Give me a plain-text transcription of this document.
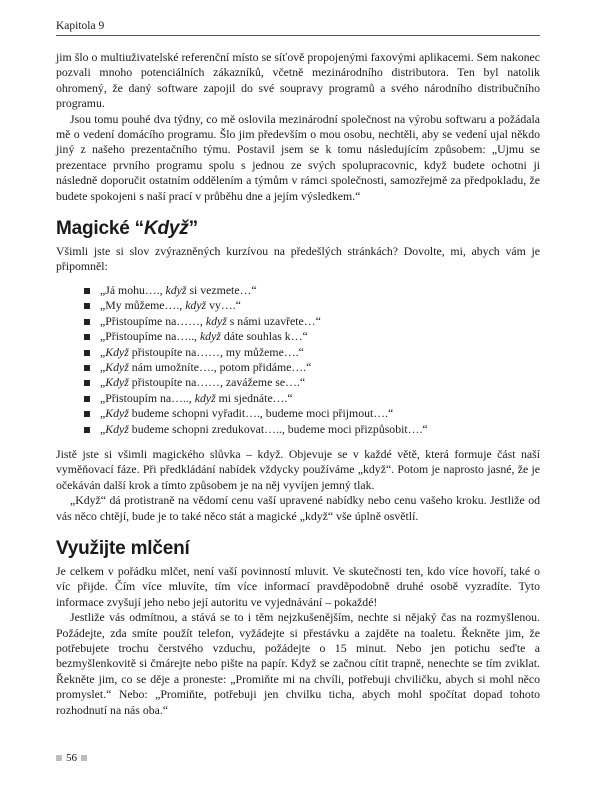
Kapitola 9

jim šlo o multiuživatelské referenční místo se síťově propojenými faxovými aplikacemi. Sem nakonec pozvali mnoho potenciálních zákazníků, včetně mezinárodního distributora. Ten byl natolik ohromený, že daný software zapojil do své soupravy programů a svého národního distribučního programu.

Jsou tomu pouhé dva týdny, co mě oslovila mezinárodní společnost na výrobu softwaru a požádala mě o vedení domácího programu. Šlo jim především o mou osobu, nechtěli, aby se vedení ujal někdo jiný z našeho prezentačního týmu. Postavil jsem se k tomu následujícím způsobem: „Ujmu se prezentace prvního programu spolu s jednou ze svých spolupracovnic, když budete ochotni ji následně doporučit ostatním oddělením a týmům v rámci společnosti, samozřejmě za předpokladu, že budete spokojeni s naší prací v průběhu dne a jejím výsledkem.“

Magické “Když”

Všimli jste si slov zvýrazněných kurzívou na předešlých stránkách? Dovolte, mi, abych vám je připomněl:

„Já mohu…., když si vezmete…“
„My můžeme…., když vy….“
„Přistoupíme na……, když s námi uzavřete…“
„Přistoupíme na….., když dáte souhlas k…“
„Když přistoupíte na……, my můžeme….“
„Když nám umožníte…., potom přidáme….“
„Když přistoupíte na……, zavážeme se….“
„Přistoupím na….., když mi sjednáte….“
„Když budeme schopni vyřadit…., budeme moci přijmout….“
„Když budeme schopni zredukovat….., budeme moci přizpůsobit….“

Jistě jste si všimli magického slůvka – když. Objevuje se v každé větě, která formuje část naší vyměňovací fáze. Při předkládání nabídek vždycky používáme „když“. Potom je naprosto jasné, že je očekáván další krok a tímto způsobem je na něj vyvíjen jemný tlak.

„Když“ dá protistraně na vědomí cenu vaší upravené nabídky nebo cenu vašeho kroku. Jestliže od vás něco chtějí, bude je to také něco stát a magické „když“ vše úplně osvětlí.

Využijte mlčení

Je celkem v pořádku mlčet, není vaší povinností mluvit. Ve skutečnosti ten, kdo více hovoří, také o víc přijde. Čím více mluvíte, tím více informací pravděpodobně druhé osobě vyzradíte. Tyto informace zvyšují jeho nebo její autoritu ve vyjednávání – pokaždé!

Jestliže vás odmítnou, a stává se to i těm nejzkušenějším, nechte si nějaký čas na rozmyšlenou. Požádejte, zda smíte použít telefon, vyžádejte si přestávku a zajděte na toaletu. Řekněte jim, že potřebujete trochu čerstvého vzduchu, požádejte o 15 minut. Nebo jen potichu seďte a bezmyšlenkovitě si čmárejte nebo pište na papír. Když se začnou cítit trapně, nenechte se tím zviklat. Řekněte jim, co se děje a proneste: „Promiňte mi na chvíli, potřebuji chviličku, abych si mohl něco promyslet.“ Nebo: „Promiňte, potřebuji jen chvilku ticha, abych mohl spočítat dopad tohoto rozhodnutí na nás oba.“

56
